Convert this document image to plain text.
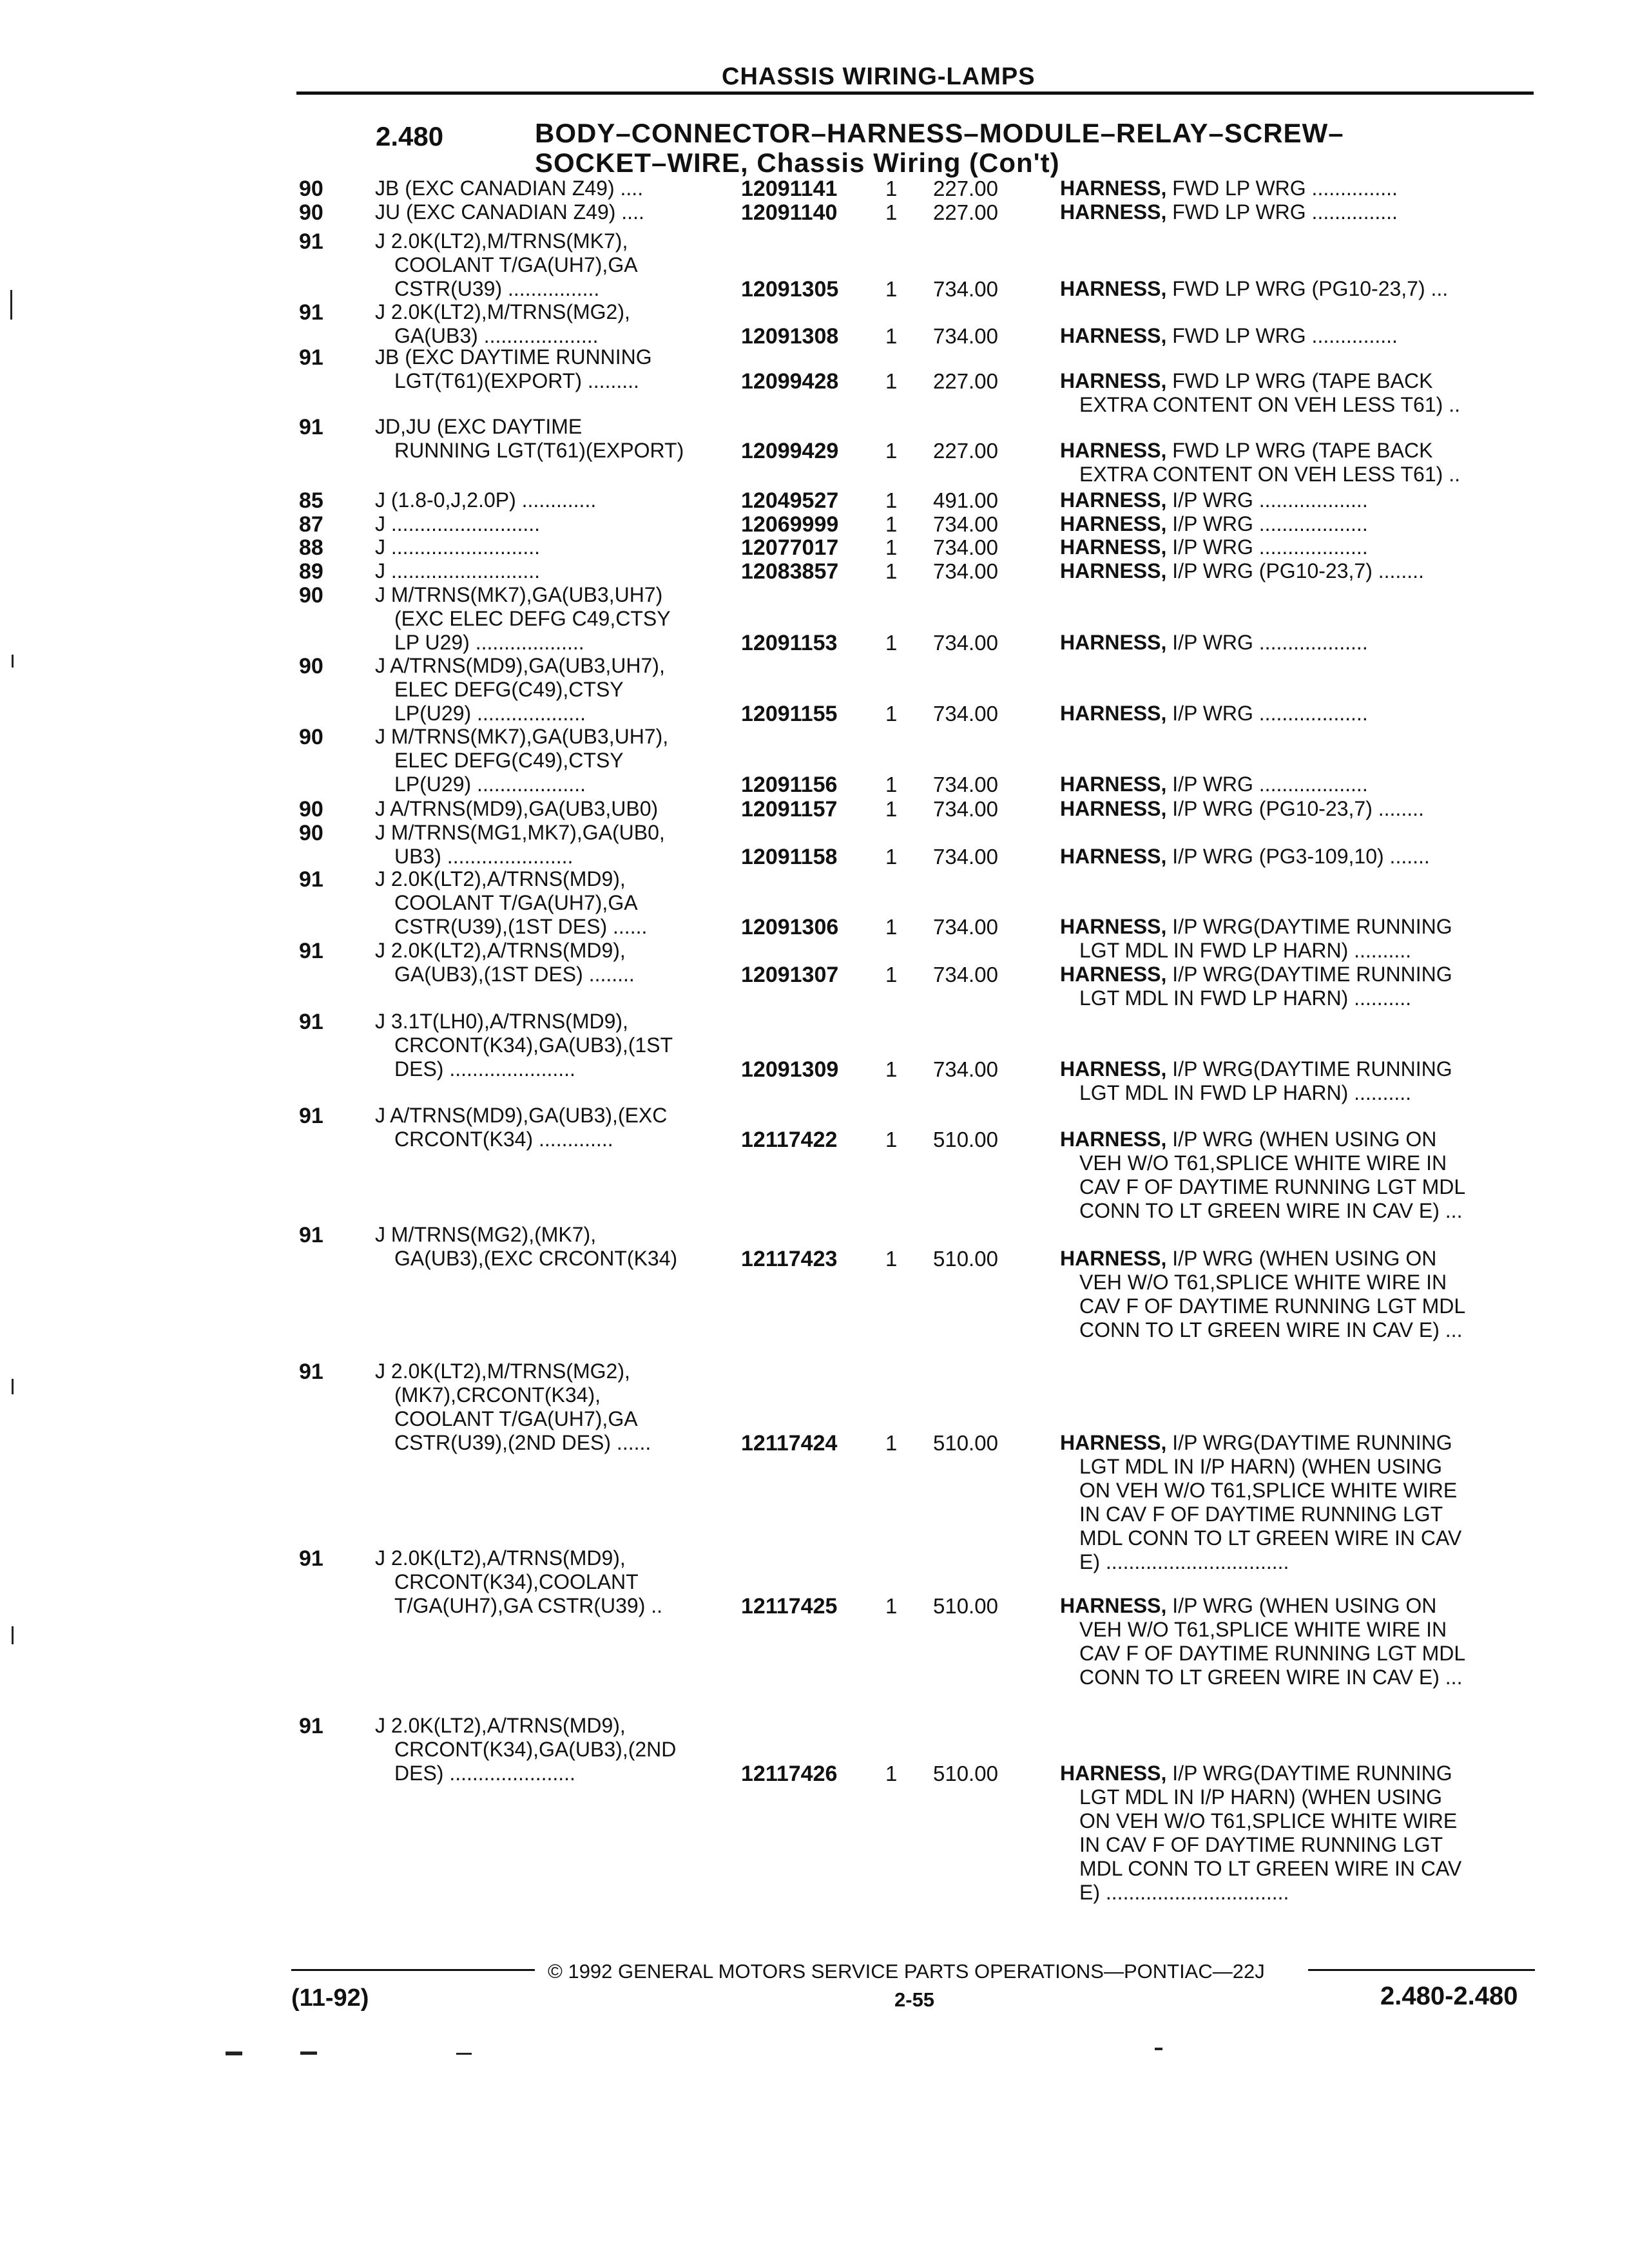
CHASSIS WIRING-LAMPS
2.480	BODY–CONNECTOR–HARNESS–MODULE–RELAY–SCREW–
SOCKET–WIRE, Chassis Wiring (Con't)
90	JB (EXC CANADIAN Z49) ....	12091141	1	227.00	HARNESS, FWD LP WRG ...............
90	JU (EXC CANADIAN Z49) ....	12091140	1	227.00	HARNESS, FWD LP WRG ...............
91	J 2.0K(LT2),M/TRNS(MK7),
COOLANT T/GA(UH7),GA
CSTR(U39) ................	12091305	1	734.00	HARNESS, FWD LP WRG (PG10-23,7) ...
91	J 2.0K(LT2),M/TRNS(MG2),
GA(UB3) ....................	12091308	1	734.00	HARNESS, FWD LP WRG ...............
91	JB (EXC DAYTIME RUNNING
LGT(T61)(EXPORT) .........	12099428	1	227.00	HARNESS, FWD LP WRG (TAPE BACK
EXTRA CONTENT ON VEH LESS T61) ..
91	JD,JU (EXC DAYTIME
RUNNING LGT(T61)(EXPORT)	12099429	1	227.00	HARNESS, FWD LP WRG (TAPE BACK
EXTRA CONTENT ON VEH LESS T61) ..
85	J (1.8-0,J,2.0P) .............	12049527	1	491.00	HARNESS, I/P WRG ...................
87	J ..........................	12069999	1	734.00	HARNESS, I/P WRG ...................
88	J ..........................	12077017	1	734.00	HARNESS, I/P WRG ...................
89	J ..........................	12083857	1	734.00	HARNESS, I/P WRG (PG10-23,7) ........
90	J M/TRNS(MK7),GA(UB3,UH7)
(EXC ELEC DEFG C49,CTSY
LP U29) ...................	12091153	1	734.00	HARNESS, I/P WRG ...................
90	J A/TRNS(MD9),GA(UB3,UH7),
ELEC DEFG(C49),CTSY
LP(U29) ...................	12091155	1	734.00	HARNESS, I/P WRG ...................
90	J M/TRNS(MK7),GA(UB3,UH7),
ELEC DEFG(C49),CTSY
LP(U29) ...................	12091156	1	734.00	HARNESS, I/P WRG ...................
90	J A/TRNS(MD9),GA(UB3,UB0)	12091157	1	734.00	HARNESS, I/P WRG (PG10-23,7) ........
90	J M/TRNS(MG1,MK7),GA(UB0,
UB3) ......................	12091158	1	734.00	HARNESS, I/P WRG (PG3-109,10) .......
91	J 2.0K(LT2),A/TRNS(MD9),
COOLANT T/GA(UH7),GA
CSTR(U39),(1ST DES) ......	12091306	1	734.00	HARNESS, I/P WRG(DAYTIME RUNNING
LGT MDL IN FWD LP HARN) ..........
91	J 2.0K(LT2),A/TRNS(MD9),
GA(UB3),(1ST DES) ........	12091307	1	734.00	HARNESS, I/P WRG(DAYTIME RUNNING
LGT MDL IN FWD LP HARN) ..........
91	J 3.1T(LH0),A/TRNS(MD9),
CRCONT(K34),GA(UB3),(1ST
DES) ......................	12091309	1	734.00	HARNESS, I/P WRG(DAYTIME RUNNING
LGT MDL IN FWD LP HARN) ..........
91	J A/TRNS(MD9),GA(UB3),(EXC
CRCONT(K34) .............	12117422	1	510.00	HARNESS, I/P WRG (WHEN USING ON
VEH W/O T61,SPLICE WHITE WIRE IN
CAV F OF DAYTIME RUNNING LGT MDL
CONN TO LT GREEN WIRE IN CAV E) ...
91	J M/TRNS(MG2),(MK7),
GA(UB3),(EXC CRCONT(K34)	12117423	1	510.00	HARNESS, I/P WRG (WHEN USING ON
VEH W/O T61,SPLICE WHITE WIRE IN
CAV F OF DAYTIME RUNNING LGT MDL
CONN TO LT GREEN WIRE IN CAV E) ...
91	J 2.0K(LT2),M/TRNS(MG2),
(MK7),CRCONT(K34),
COOLANT T/GA(UH7),GA
CSTR(U39),(2ND DES) ......	12117424	1	510.00	HARNESS, I/P WRG(DAYTIME RUNNING
LGT MDL IN I/P HARN) (WHEN USING
ON VEH W/O T61,SPLICE WHITE WIRE
IN CAV F OF DAYTIME RUNNING LGT
MDL CONN TO LT GREEN WIRE IN CAV
E) ................................
91	J 2.0K(LT2),A/TRNS(MD9),
CRCONT(K34),COOLANT
T/GA(UH7),GA CSTR(U39) ..	12117425	1	510.00	HARNESS, I/P WRG (WHEN USING ON
VEH W/O T61,SPLICE WHITE WIRE IN
CAV F OF DAYTIME RUNNING LGT MDL
CONN TO LT GREEN WIRE IN CAV E) ...
91	J 2.0K(LT2),A/TRNS(MD9),
CRCONT(K34),GA(UB3),(2ND
DES) ......................	12117426	1	510.00	HARNESS, I/P WRG(DAYTIME RUNNING
LGT MDL IN I/P HARN) (WHEN USING
ON VEH W/O T61,SPLICE WHITE WIRE
IN CAV F OF DAYTIME RUNNING LGT
MDL CONN TO LT GREEN WIRE IN CAV
E) ................................
© 1992 GENERAL MOTORS SERVICE PARTS OPERATIONS—PONTIAC—22J
(11-92)	2-55	2.480-2.480
